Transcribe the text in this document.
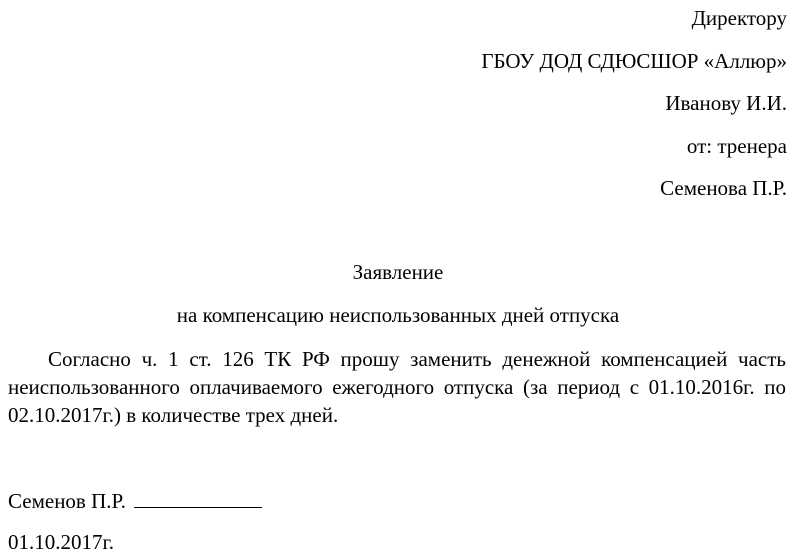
Директору
ГБОУ ДОД СДЮСШОР «Аллюр»
Иванову И.И.
от: тренера
Семенова П.Р.
Заявление
на компенсацию неиспользованных дней отпуска
Согласно ч. 1 ст. 126 ТК РФ прошу заменить денежной компенсацией часть неиспользованного оплачиваемого ежегодного отпуска (за период с 01.10.2016г. по 02.10.2017г.) в количестве трех дней.
Семенов П.Р.
01.10.2017г.
